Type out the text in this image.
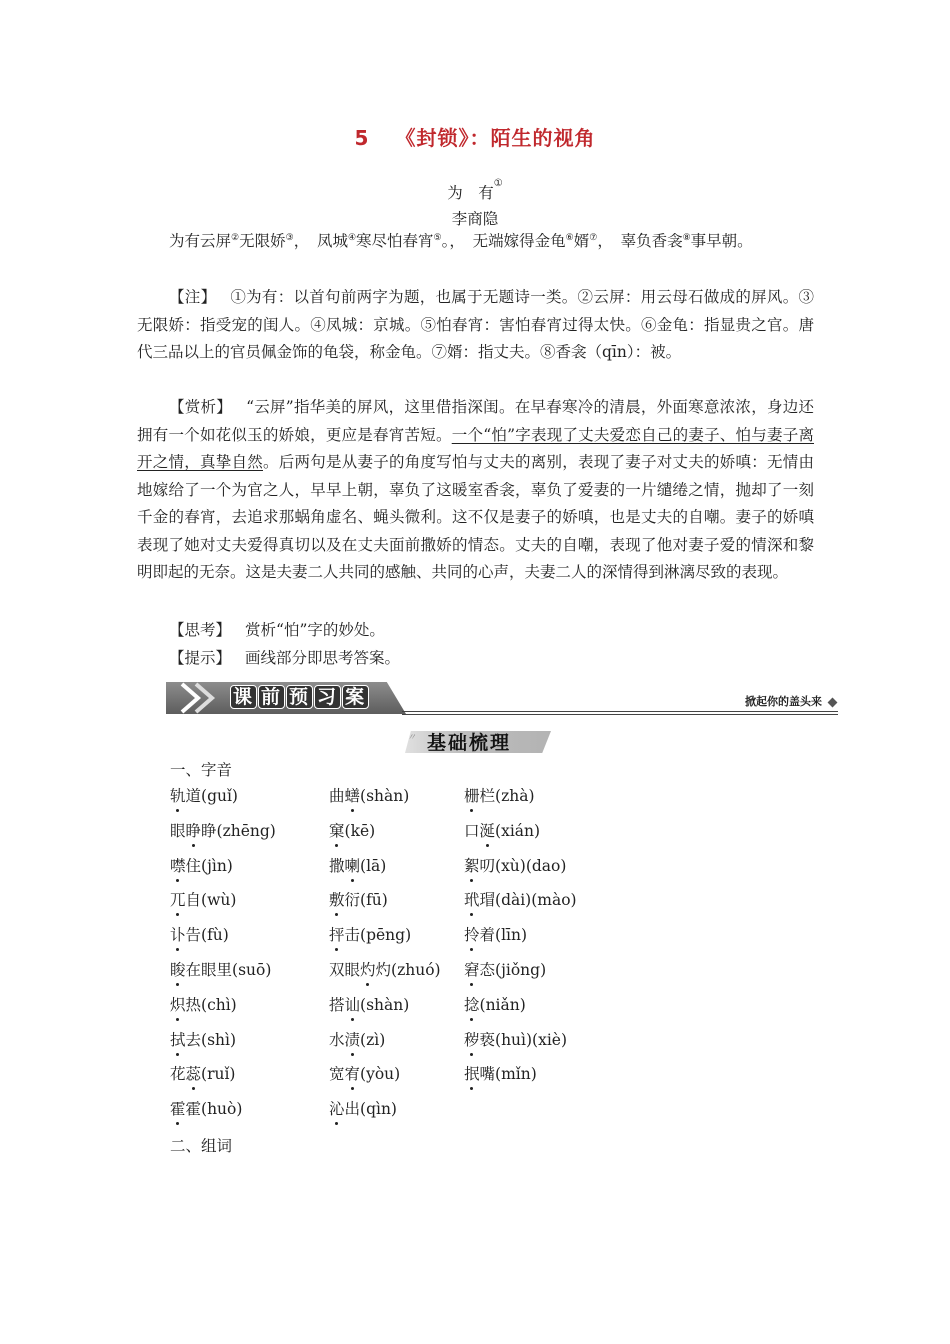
5 《封锁》：陌生的视角
为　有①
李商隐

为有云屏②无限娇③，　凤城④寒尽怕春宵⑤。，　无端嫁得金龟⑥婿⑦，　辜负香衾⑧事早朝。

【注】 ①为有：以首句前两字为题，也属于无题诗一类。②云屏：用云母石做成的屏风。③无限娇：指受宠的闺人。④凤城：京城。⑤怕春宵：害怕春宵过得太快。⑥金龟：指显贵之官。唐代三品以上的官员佩金饰的龟袋，称金龟。⑦婿：指丈夫。⑧香衾（qīn）：被。

【赏析】 “云屏”指华美的屏风，这里借指深闺。在早春寒冷的清晨，外面寒意浓浓，身边还拥有一个如花似玉的娇娘，更应是春宵苦短。一个“怕”字表现了丈夫爱恋自己的妻子、怕与妻子离开之情，真挚自然。后两句是从妻子的角度写怕与丈夫的离别，表现了妻子对丈夫的娇嗔：无情由地嫁给了一个为官之人，早早上朝，辜负了这暖室香衾，辜负了爱妻的一片缱绻之情，抛却了一刻千金的春宵，去追求那蜗角虚名、蝇头微利。这不仅是妻子的娇嗔，也是丈夫的自嘲。妻子的娇嗔表现了她对丈夫爱得真切以及在丈夫面前撒娇的情态。丈夫的自嘲，表现了他对妻子爱的情深和黎明即起的无奈。这是夫妻二人共同的感触、共同的心声，夫妻二人的深情得到淋漓尽致的表现。

【思考】 赏析“怕”字的妙处。

【提示】 画线部分即思考答案。

课 前 预 习 案	掀起你的盖头来
〃 基础梳理
一、字音
轨道(guǐ)	曲蟮(shàn)	栅栏(zhà)
眼睁睁(zhēng)	窠(kē)	口涎(xián)
噤住(jìn)	撒喇(lā)	絮叨(xù)(dao)
兀自(wù)	敷衍(fū)	玳瑁(dài)(mào)
讣告(fù)	抨击(pēng)	拎着(līn)
睃在眼里(suō)	双眼灼灼(zhuó) 窘态(jiǒng)
炽热(chì)	搭讪(shàn)	捻(niǎn)
拭去(shì)	水渍(zì)	秽亵(huì)(xiè)
花蕊(ruǐ)	宽宥(yòu)	抿嘴(mǐn)
霍霍(huò)	沁出(qìn)
二、组词
